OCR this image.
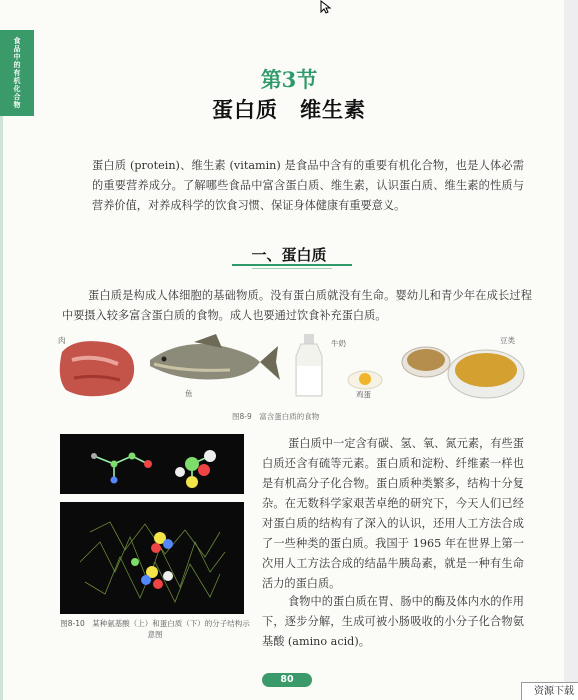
食品中的有机化合物	第3节
蛋白质　维生素
蛋白质 (protein)、维生素 (vitamin) 是食品中含有的重要有机化合物，也是人体必需的重要营养成分。了解哪些食品中富含蛋白质、维生素，认识蛋白质、维生素的性质与营养价值，对养成科学的饮食习惯、保证身体健康有重要意义。
一、蛋白质
蛋白质是构成人体细胞的基础物质。没有蛋白质就没有生命。婴幼儿和青少年在成长过程中要摄入较多富含蛋白质的食物。成人也要通过饮食补充蛋白质。
肉
鱼
牛奶
鸡蛋
豆类
图8-9　富含蛋白质的食物
图8-10　某种氨基酸（上）和蛋白质（下）的分子结构示意图
蛋白质中一定含有碳、氢、氧、氮元素，有些蛋白质还含有硫等元素。蛋白质和淀粉、纤维素一样也是有机高分子化合物。蛋白质种类繁多，结构十分复杂。在无数科学家艰苦卓绝的研究下，今天人们已经对蛋白质的结构有了深入的认识，还用人工方法合成了一些种类的蛋白质。我国于 1965 年在世界上第一次用人工方法合成的结晶牛胰岛素，就是一种有生命活力的蛋白质。
食物中的蛋白质在胃、肠中的酶及体内水的作用下，逐步分解，生成可被小肠吸收的小分子化合物氨基酸 (amino acid)。
80
资源下载
